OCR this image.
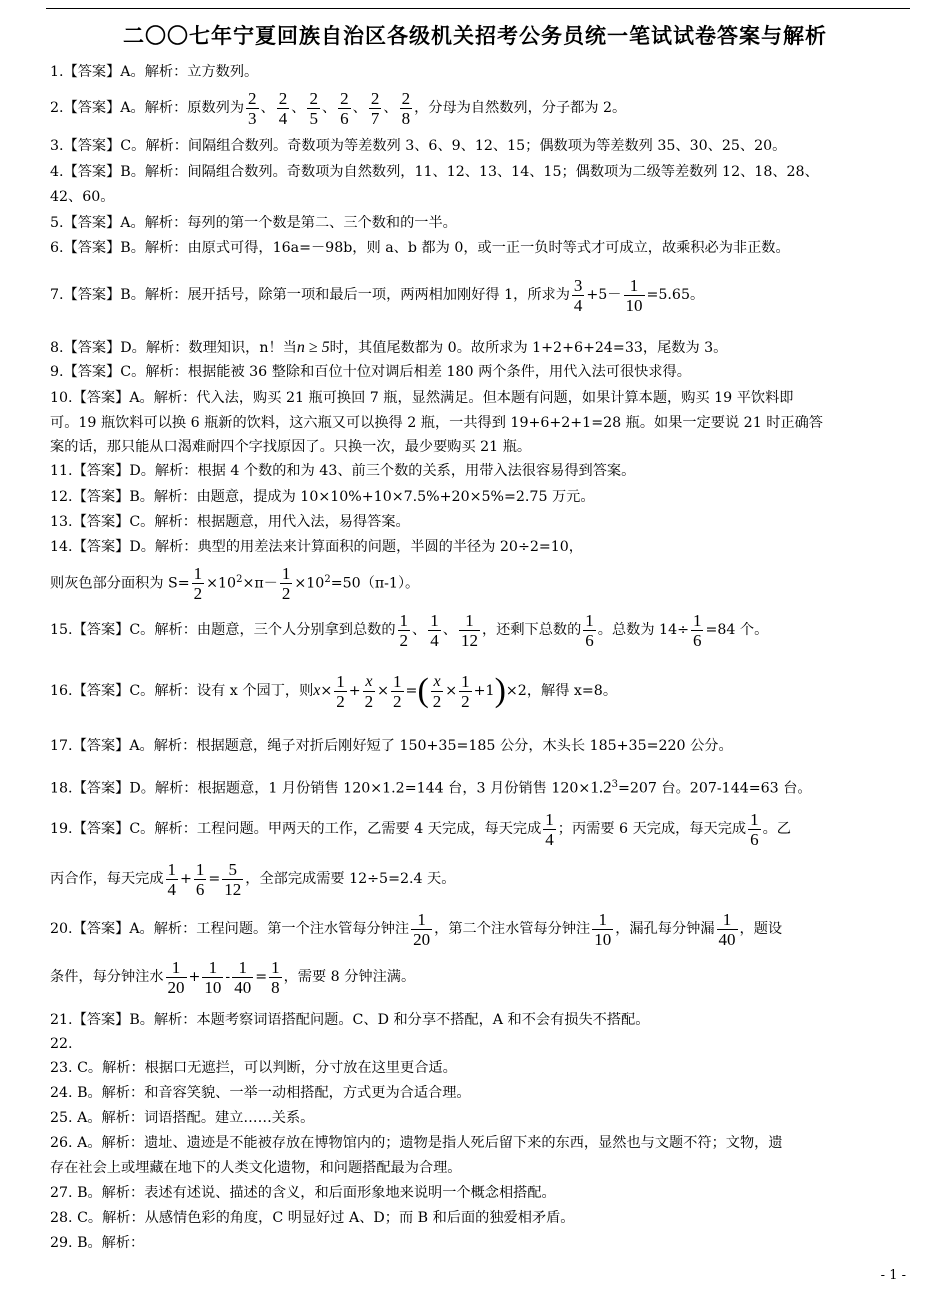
二〇〇七年宁夏回族自治区各级机关招考公务员统一笔试试卷答案与解析
1.【答案】A。解析：立方数列。
2.【答案】A。解析：原数列为 $\frac{2}{3}$ 、 $\frac{2}{4}$ 、 $\frac{2}{5}$ 、 $\frac{2}{6}$ 、 $\frac{2}{7}$ 、 $\frac{2}{8}$ ，分母为自然数列，分子都为 2。
3.【答案】C。解析：间隔组合数列。奇数项为等差数列 3、6、9、12、15；偶数项为等差数列 35、30、25、20。
4.【答案】B。解析：间隔组合数列。奇数项为自然数列，11、12、13、14、15；偶数项为二级等差数列 12、18、28、
42、60。
5.【答案】A。解析：每列的第一个数是第二、三个数和的一半。
6.【答案】B。解析：由原式可得，16a=－98b，则 a、b 都为 0，或一正一负时等式才可成立，故乘积必为非正数。
7.【答案】B。解析：展开括号，除第一项和最后一项，两两相加刚好得 1，所求为 $\frac{3}{4} +5- \frac{1}{10} =5.65$。
8.【答案】D。解析：数理知识，n！当n ≥ 5时，其值尾数都为 0。故所求为 1+2+6+24=33，尾数为 3。
9.【答案】C。解析：根据能被 36 整除和百位十位对调后相差 180 两个条件，用代入法可很快求得。
10.【答案】A。解析：代入法，购买 21 瓶可换回 7 瓶，显然满足。但本题有问题，如果计算本题，购买 19 平饮料即
可。19 瓶饮料可以换 6 瓶新的饮料，这六瓶又可以换得 2 瓶，一共得到 19+6+2+1=28 瓶。如果一定要说 21 时正确答
案的话，那只能从口渴难耐四个字找原因了。只换一次，最少要购买 21 瓶。
11.【答案】D。解析：根据 4 个数的和为 43、前三个数的关系，用带入法很容易得到答案。
12.【答案】B。解析：由题意，提成为 10×10%+10×7.5%+20×5%=2.75 万元。
13.【答案】C。解析：根据题意，用代入法，易得答案。
14.【答案】D。解析：典型的用差法来计算面积的问题，半圆的半径为 20÷2=10，
则灰色部分面积为 $S= \frac{1}{2} \times 10^2\times\pi- \frac{1}{2} \times 10^2=50(\pi-1)$。
15.【答案】C。解析：由题意，三个人分别拿到总数的 $\frac{1}{2}$ 、 $\frac{1}{4}$ 、 $\frac{1}{12}$ ，还剩下总数的 $\frac{1}{6}$ 。总数为 $14\div \frac{1}{6} =84$ 个。
16.【答案】C。解析：设有 x 个园丁，则$x\times \frac{1}{2} + \frac{x}{2} \times \frac{1}{2}$ =( $\frac{x}{2} \times \frac{1}{2} +1)\times 2$，解得 x=8。
17.【答案】A。解析：根据题意，绳子对折后刚好短了 150+35=185 公分，木头长 185+35=220 公分。
18.【答案】D。解析：根据题意，1 月份销售 120×1.2=144 台，3 月份销售 $120\times 1.2^3=207$ 台。207-144=63 台。
19.【答案】C。解析：工程问题。甲两天的工作，乙需要 4 天完成，每天完成 $\frac{1}{4}$ ；丙需要 6 天完成，每天完成 $\frac{1}{6}$ 。乙
丙合作，每天完成 $\frac{1}{4} + \frac{1}{6} = \frac{5}{12}$ ，全部完成需要 12÷5=2.4 天。
20.【答案】A。解析：工程问题。第一个注水管每分钟注 $\frac{1}{20}$ ，第二个注水管每分钟注 $\frac{1}{10}$ ，漏孔每分钟漏 $\frac{1}{40}$ ，题设
条件，每分钟注水 $\frac{1}{20} + \frac{1}{10} - \frac{1}{40} = \frac{1}{8}$ ，需要 8 分钟注满。
21.【答案】B。解析：本题考察词语搭配问题。C、D 和分享不搭配，A 和不会有损失不搭配。
22.
23. C。解析：根据口无遮拦，可以判断，分寸放在这里更合适。
24. B。解析：和音容笑貌、一举一动相搭配，方式更为合适合理。
25. A。解析：词语搭配。建立……关系。
26. A。解析：遗址、遗迹是不能被存放在博物馆内的；遗物是指人死后留下来的东西，显然也与文题不符；文物，遗
存在社会上或埋藏在地下的人类文化遗物，和问题搭配最为合理。
27. B。解析：表述有述说、描述的含义，和后面形象地来说明一个概念相搭配。
28. C。解析：从感情色彩的角度，C 明显好过 A、D；而 B 和后面的独爱相矛盾。
29. B。解析：
- 1 -
